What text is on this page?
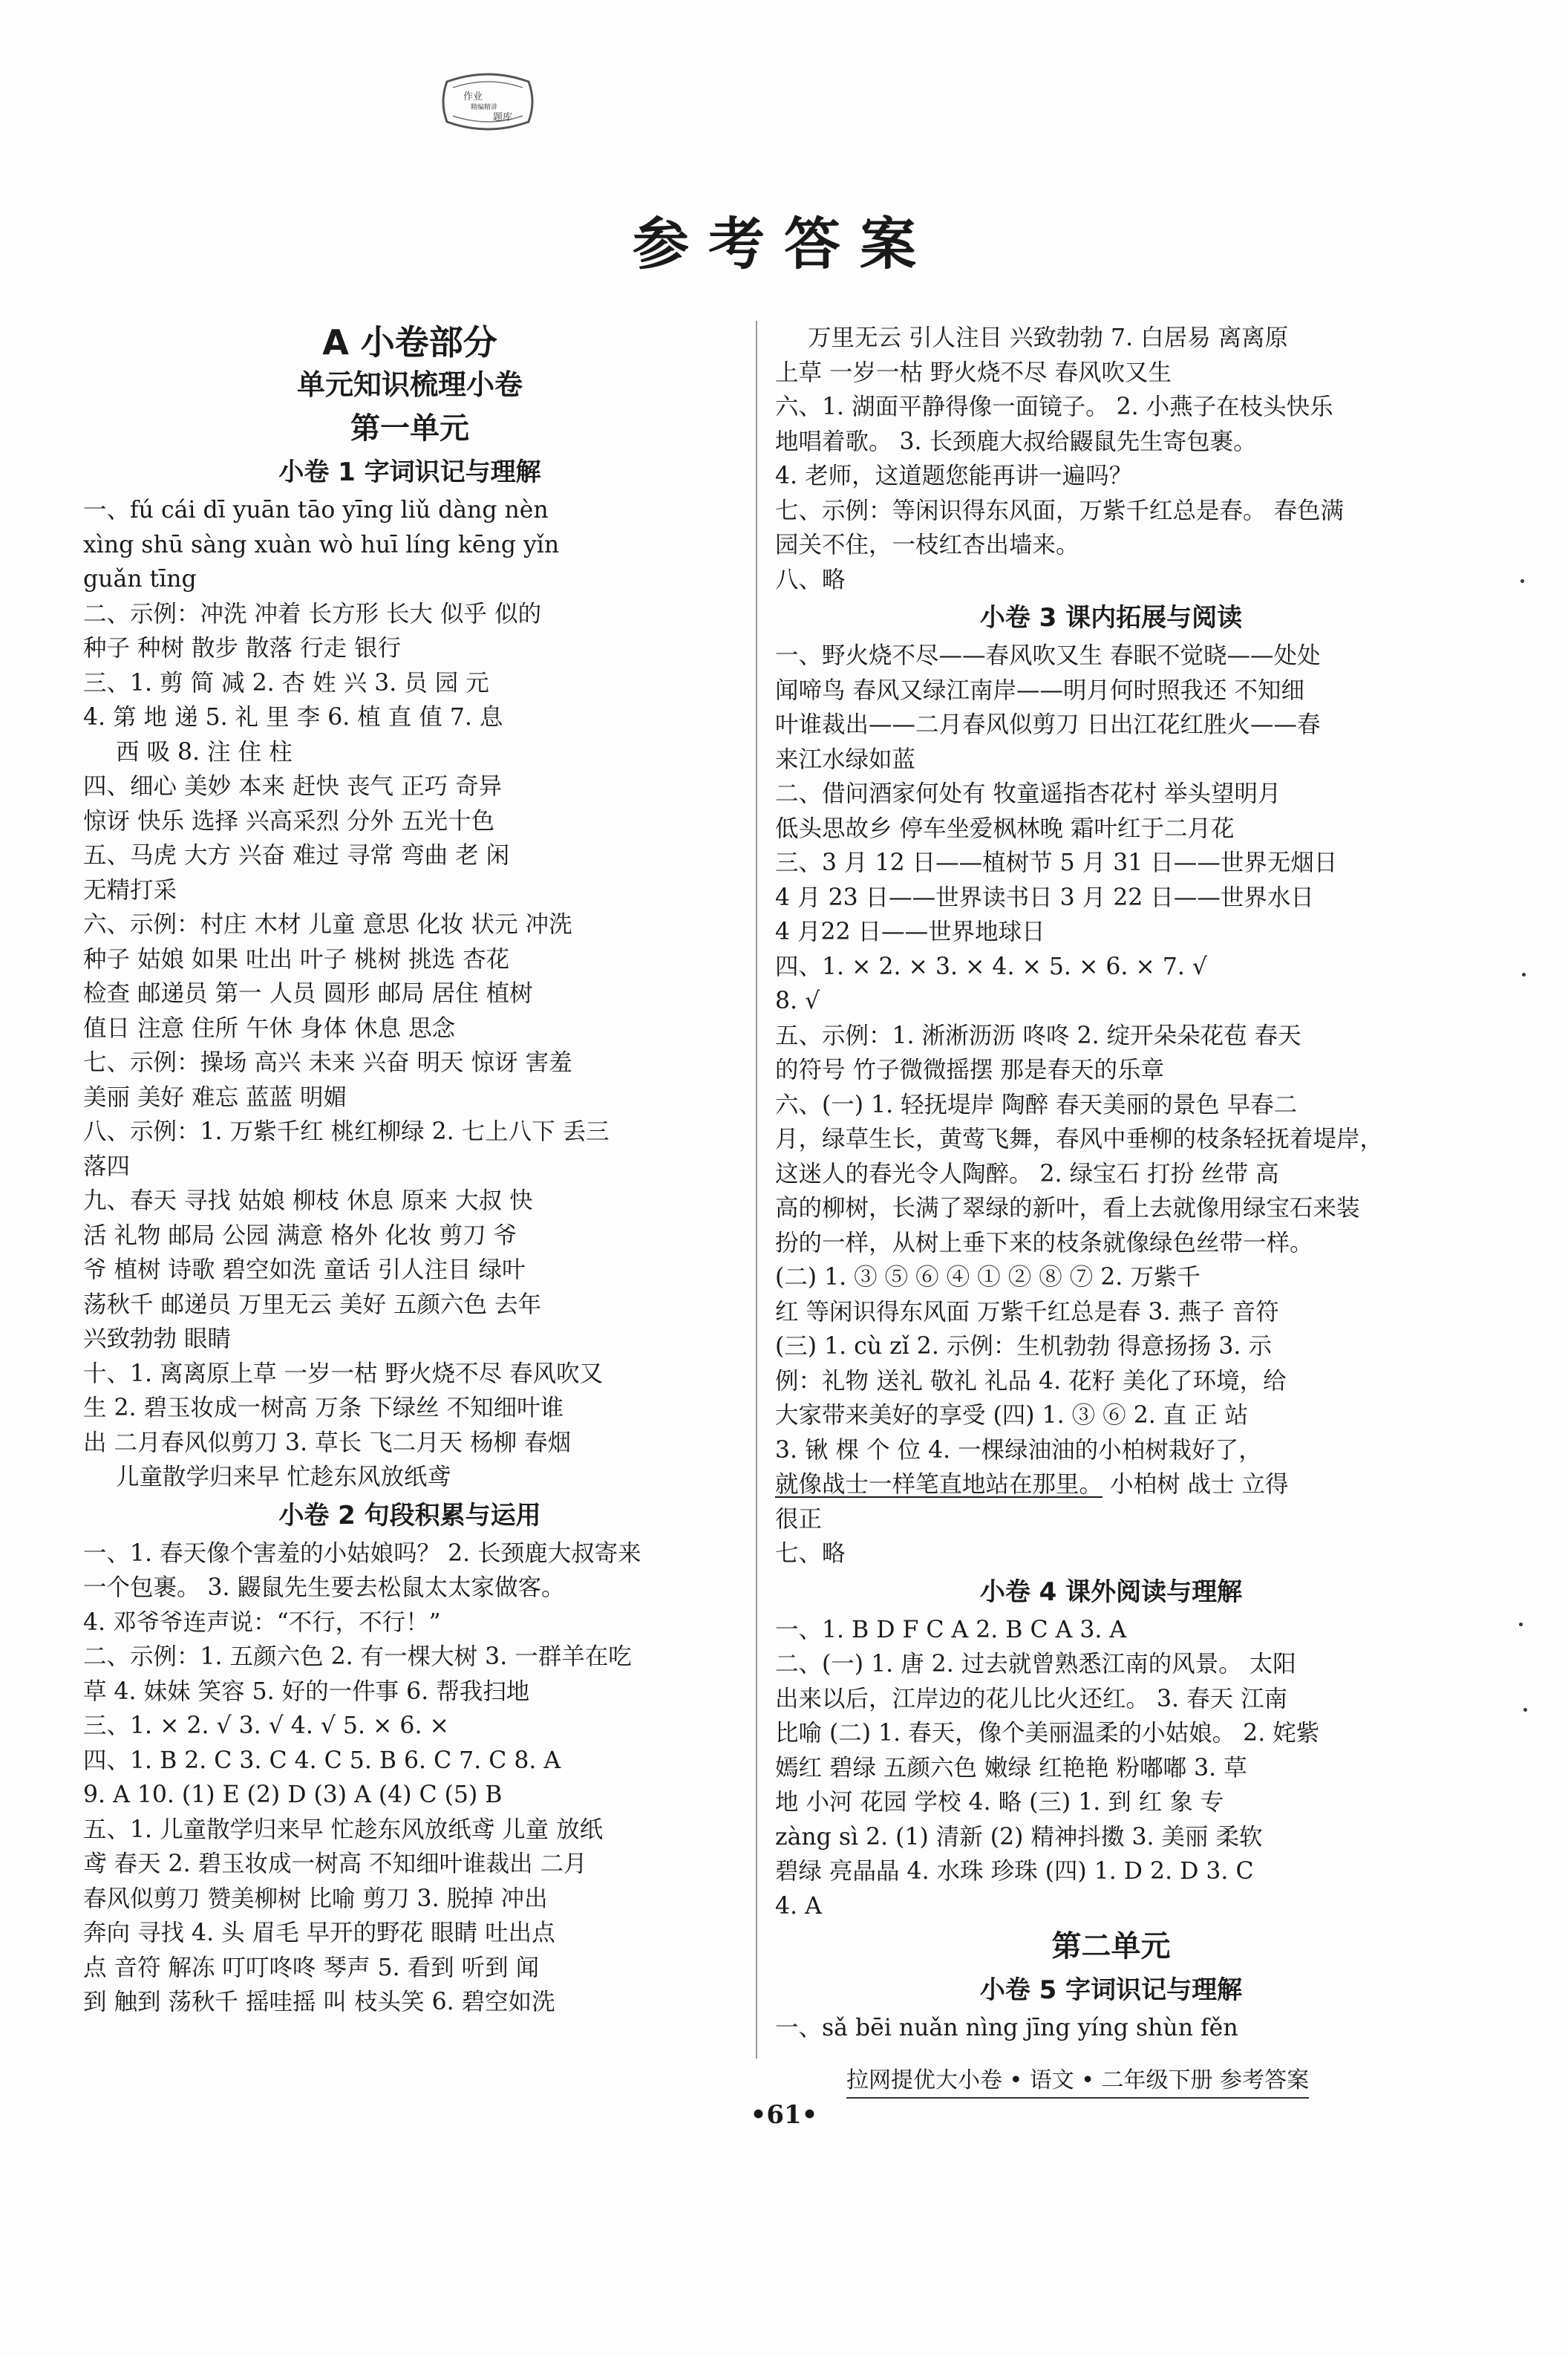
作业
精编精讲
题库
参考答案
A 小卷部分
单元知识梳理小卷
第一单元
小卷 1 字词识记与理解
一、fú cái dī yuān tāo yīng liǔ dàng nèn
xìng shū sàng xuàn wò huī líng kēng yǐn
guǎn tīng
二、示例：冲洗 冲着 长方形 长大 似乎 似的
种子 种树 散步 散落 行走 银行
三、1. 剪 简 减 2. 杏 姓 兴 3. 员 园 元
4. 第 地 递 5. 礼 里 李 6. 植 直 值 7. 息
西 吸 8. 注 住 柱
四、细心 美妙 本来 赶快 丧气 正巧 奇异
惊讶 快乐 选择 兴高采烈 分外 五光十色
五、马虎 大方 兴奋 难过 寻常 弯曲 老 闲
无精打采
六、示例：村庄 木材 儿童 意思 化妆 状元 冲洗
种子 姑娘 如果 吐出 叶子 桃树 挑选 杏花
检查 邮递员 第一 人员 圆形 邮局 居住 植树
值日 注意 住所 午休 身体 休息 思念
七、示例：操场 高兴 未来 兴奋 明天 惊讶 害羞
美丽 美好 难忘 蓝蓝 明媚
八、示例：1. 万紫千红 桃红柳绿 2. 七上八下 丢三
落四
九、春天 寻找 姑娘 柳枝 休息 原来 大叔 快
活 礼物 邮局 公园 满意 格外 化妆 剪刀 爷
爷 植树 诗歌 碧空如洗 童话 引人注目 绿叶
荡秋千 邮递员 万里无云 美好 五颜六色 去年
兴致勃勃 眼睛
十、1. 离离原上草 一岁一枯 野火烧不尽 春风吹又
生 2. 碧玉妆成一树高 万条 下绿丝 不知细叶谁
出 二月春风似剪刀 3. 草长 飞二月天 杨柳 春烟
儿童散学归来早 忙趁东风放纸鸢
小卷 2 句段积累与运用
一、1. 春天像个害羞的小姑娘吗？ 2. 长颈鹿大叔寄来
一个包裹。 3. 鼹鼠先生要去松鼠太太家做客。
4. 邓爷爷连声说：“不行，不行！”
二、示例：1. 五颜六色 2. 有一棵大树 3. 一群羊在吃
草 4. 妹妹 笑容 5. 好的一件事 6. 帮我扫地
三、1. × 2. √ 3. √ 4. √ 5. × 6. ×
四、1. B 2. C 3. C 4. C 5. B 6. C 7. C 8. A
9. A 10. (1) E (2) D (3) A (4) C (5) B
五、1. 儿童散学归来早 忙趁东风放纸鸢 儿童 放纸
鸢 春天 2. 碧玉妆成一树高 不知细叶谁裁出 二月
春风似剪刀 赞美柳树 比喻 剪刀 3. 脱掉 冲出
奔向 寻找 4. 头 眉毛 早开的野花 眼睛 吐出点
点 音符 解冻 叮叮咚咚 琴声 5. 看到 听到 闻
到 触到 荡秋千 摇哇摇 叫 枝头笑 6. 碧空如洗
万里无云 引人注目 兴致勃勃 7. 白居易 离离原
上草 一岁一枯 野火烧不尽 春风吹又生
六、1. 湖面平静得像一面镜子。 2. 小燕子在枝头快乐
地唱着歌。 3. 长颈鹿大叔给鼹鼠先生寄包裹。
4. 老师，这道题您能再讲一遍吗？
七、示例：等闲识得东风面，万紫千红总是春。 春色满
园关不住，一枝红杏出墙来。
八、略
小卷 3 课内拓展与阅读
一、野火烧不尽——春风吹又生 春眠不觉晓——处处
闻啼鸟 春风又绿江南岸——明月何时照我还 不知细
叶谁裁出——二月春风似剪刀 日出江花红胜火——春
来江水绿如蓝
二、借问酒家何处有 牧童遥指杏花村 举头望明月
低头思故乡 停车坐爱枫林晚 霜叶红于二月花
三、3 月 12 日——植树节 5 月 31 日——世界无烟日
4 月 23 日——世界读书日 3 月 22 日——世界水日
4 月22 日——世界地球日
四、1. × 2. × 3. × 4. × 5. × 6. × 7. √
8. √
五、示例：1. 淅淅沥沥 咚咚 2. 绽开朵朵花苞 春天
的符号 竹子微微摇摆 那是春天的乐章
六、(一) 1. 轻抚堤岸 陶醉 春天美丽的景色 早春二
月，绿草生长，黄莺飞舞，春风中垂柳的枝条轻抚着堤岸，
这迷人的春光令人陶醉。 2. 绿宝石 打扮 丝带 高
高的柳树，长满了翠绿的新叶，看上去就像用绿宝石来装
扮的一样，从树上垂下来的枝条就像绿色丝带一样。
(二) 1. ③ ⑤ ⑥ ④ ① ② ⑧ ⑦ 2. 万紫千
红 等闲识得东风面 万紫千红总是春 3. 燕子 音符
(三) 1. cù zǐ 2. 示例：生机勃勃 得意扬扬 3. 示
例：礼物 送礼 敬礼 礼品 4. 花籽 美化了环境，给
大家带来美好的享受 (四) 1. ③ ⑥ 2. 直 正 站
3. 锹 棵 个 位 4. 一棵绿油油的小柏树栽好了，
就像战士一样笔直地站在那里。 小柏树 战士 立得
很正
七、略
小卷 4 课外阅读与理解
一、1. B D F C A 2. B C A 3. A
二、(一) 1. 唐 2. 过去就曾熟悉江南的风景。 太阳
出来以后，江岸边的花儿比火还红。 3. 春天 江南
比喻 (二) 1. 春天，像个美丽温柔的小姑娘。 2. 姹紫
嫣红 碧绿 五颜六色 嫩绿 红艳艳 粉嘟嘟 3. 草
地 小河 花园 学校 4. 略 (三) 1. 到 红 象 专
zàng sì 2. (1) 清新 (2) 精神抖擞 3. 美丽 柔软
碧绿 亮晶晶 4. 水珠 珍珠 (四) 1. D 2. D 3. C
4. A
第二单元
小卷 5 字词识记与理解
一、sǎ bēi nuǎn nìng jīng yíng shùn fěn
拉网提优大小卷 • 语文 • 二年级下册 参考答案
•61•
